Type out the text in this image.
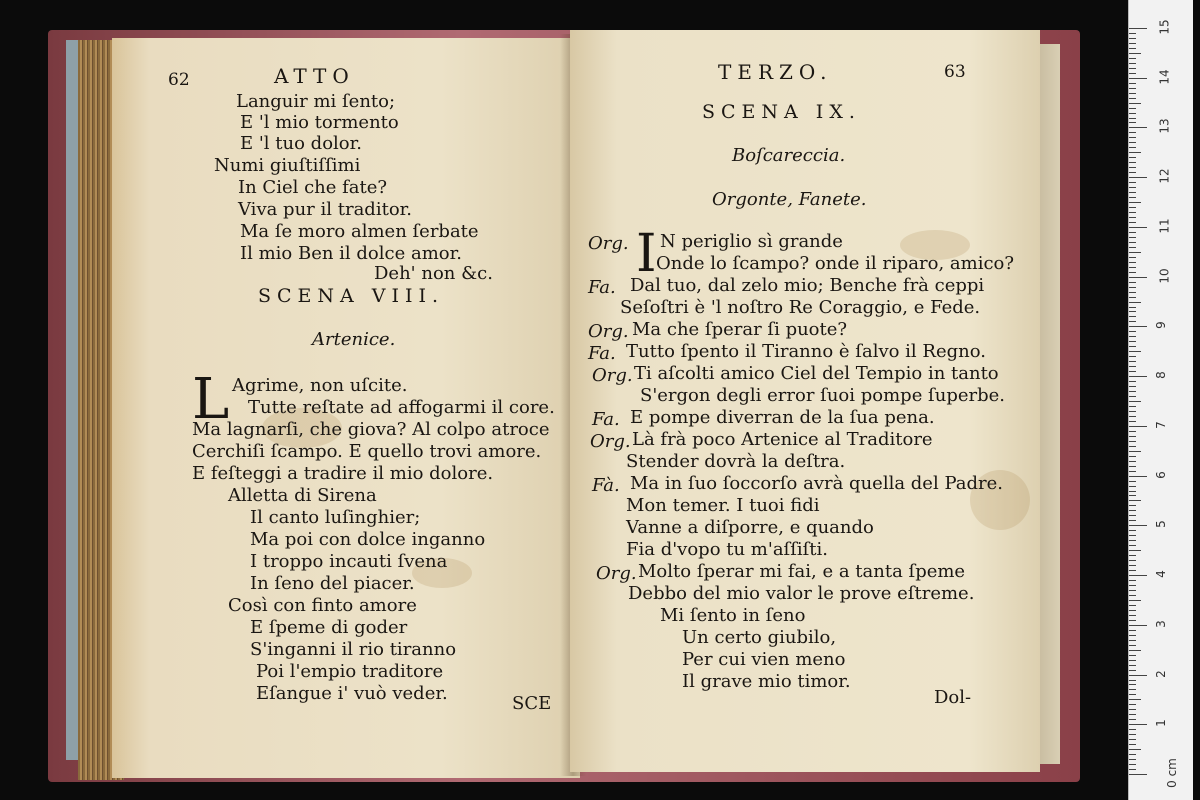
62	ATTO
Languir mi ſento;
E 'l mio tormento
E 'l tuo dolor.
Numi giuſtiſſimi
In Ciel che fate?
Viva pur il traditor.
Ma ſe moro almen ſerbate
Il mio Ben il dolce amor.
Deh' non &c.
SCENA VIII.
Artenice.
L Agrime, non uſcite.
Tutte reſtate ad affogarmi il core.
Ma lagnarſi, che giova? Al colpo atroce
Cerchiſi ſcampo. E quello trovi amore.
E feſteggi a tradire il mio dolore.
Alletta di Sirena
Il canto luſinghier;
Ma poi con dolce inganno
I troppo incauti ſvena
In ſeno del piacer.
Così con finto amore
E ſpeme di goder
S'inganni il rio tiranno
Poi l'empio traditore
Eſangue i' vuò veder.	SCE
TERZO.	63
SCENA IX.
Boſcareccia.
Orgonte, Fanete.
I
Org. N periglio sì grande
Onde lo ſcampo? onde il riparo, amico?
Fa. Dal tuo, dal zelo mio; Benche frà ceppi
Seſoſtri è 'l noſtro Re Coraggio, e Fede.
Org. Ma che ſperar ſi puote?
Fa. Tutto ſpento il Tiranno è ſalvo il Regno.
Org. Ti aſcolti amico Ciel del Tempio in tanto
S'ergon degli error ſuoi pompe ſuperbe.
Fa. E pompe diverran de la ſua pena.
Org. Là frà poco Artenice al Traditore
Stender dovrà la deſtra.
Fà. Ma in ſuo ſoccorſo avrà quella del Padre.
Mon temer. I tuoi fidi
Vanne a diſporre, e quando
Fia d'vopo tu m'aſſiſti.
Org. Molto ſperar mi fai, e a tanta ſpeme
Debbo del mio valor le prove eſtreme.
Mi ſento in ſeno
Un certo giubilo,
Per cui vien meno
Il grave mio timor.
Dol-
15
14
13
12
11
10
9
8
7
6
5
4
3
2
1
0 cm
